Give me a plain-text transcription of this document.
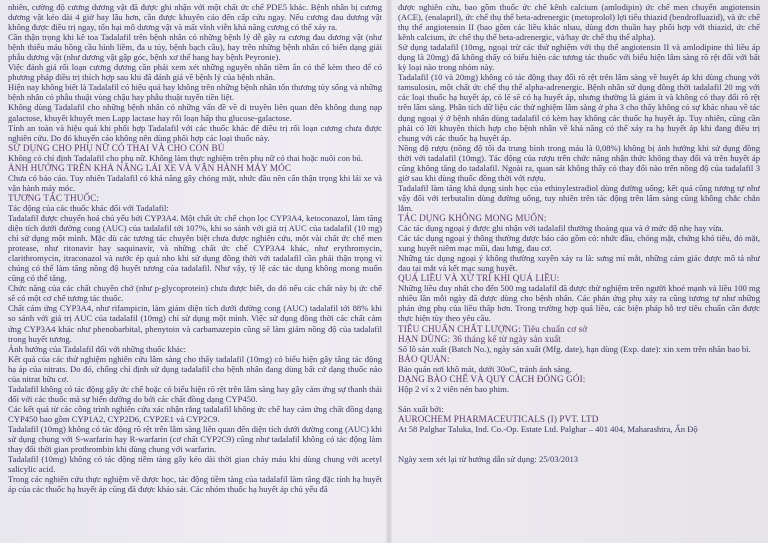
nhiên, cường độ cương dương vật đã được ghi nhận với một chất ức chế PDE5 khác. Bệnh nhân bị cương dương vật kéo dài 4 giờ hay lâu hơn, cần được khuyên cáo đến cấp cứu ngay. Nếu cương đau dương vật không được điều trị ngay, tổn hại mô dương vật và mất vĩnh viễn khả năng cương có thể xảy ra.

Cần thận trọng khi kê toa Tadalafil trên bệnh nhân có những bệnh lý dễ gây ra cương đau dương vật (như bệnh thiếu máu hồng cầu hình liềm, đa u tủy, bệnh bạch cầu), hay trên những bệnh nhân có biến dạng giải phẫu dương vật (như dương vật gập góc, bệnh xơ thể hang hay bệnh Peyronie).

Việc đánh giá rối loạn cương dương cần phải xem xét những nguyên nhân tiềm ẩn có thể kèm theo để có phương pháp điều trị thích hợp sau khi đã đánh giá về bệnh lý của bệnh nhân.

Hiện nay không biết là Tadalafil có hiệu quả hay không trên những bệnh nhân tổn thương tủy sống và những bệnh nhân có phẫu thuật vùng chậu hay phẫu thuật tuyến tiền liệt.

Không dùng Tadalafil cho những bệnh nhân có những vấn đề về di truyền liên quan đến không dung nạp galactose, khuyết khuyết men Lapp lactase hay rối loạn hấp thu glucose-galactose.

Tính an toàn và hiệu quả khi phối hợp Tadalafil với các thuốc khác để điều trị rối loạn cương chưa được nghiên cứu. Do đó khuyến cáo không nên dùng phối hợp các loại thuốc này.

SỬ DỤNG CHO PHỤ NỮ CÓ THAI VÀ CHO CON BÚ

Không có chỉ định Tadalafil cho phụ nữ. Không làm thực nghiệm trên phụ nữ có thai hoặc nuôi con bú.

ẢNH HƯỞNG TRÊN KHẢ NĂNG LÁI XE VÀ VẬN HÀNH MÁY MÓC

Chưa có báo cáo. Tuy nhiên Tadalafil có khả năng gây chóng mặt, nhức đầu nên cẩn thận trọng khi lái xe và vận hành máy móc.

TƯƠNG TÁC THUỐC:

Tác động của các thuốc khác đối với Tadalafil:

Tadalafil được chuyển hoá chủ yếu bởi CYP3A4. Một chất ức chế chọn lọc CYP3A4, ketoconazol, làm tăng diện tích dưới đường cong (AUC) của tadalafil tới 107%, khi so sánh với giá trị AUC của tadalafil (10 mg) chỉ sử dụng một mình. Mặc dù các tương tác chuyên biệt chưa được nghiên cứu, một vài chất ức chế men protease, như ritonavir hay saquinavir, và những chất ức chế CYP3A4 khác, như erythromycin, clarithromycin, itraconazol và nước ép quả nho khi sử dụng đồng thời với tadalafil cần phải thận trọng vì chúng có thể làm tăng nồng độ huyết tương của tadalafil. Như vậy, tỷ lệ các tác dụng không mong muốn cũng có thể tăng.

Chức năng của các chất chuyên chở (như p-glycoprotein) chưa được biết, do đó nếu các chất này bị ức chế sẽ có một cơ chế tương tác thuốc.

Chất cảm ứng CYP3A4, như rifampicin, làm giảm diện tích dưới đường cong (AUC) tadalafil tới 88% khi so sánh với giá trị AUC của tadalafil (10mg) chỉ sử dụng một mình. Việc sử dụng đồng thời các chất cảm ứng CYP3A4 khác như phenobarbital, phenytoin và carbamazepin cũng sẽ làm giảm nồng độ của tadalafil trong huyết tương.

Ảnh hưởng của Tadalafil đối với những thuốc khác:

Kết quả của các thử nghiệm nghiên cứu lâm sàng cho thấy tadalafil (10mg) có biểu hiện gây tăng tác động hạ áp của nitrats. Do đó, chống chỉ định sử dụng tadalafil cho bệnh nhân đang dùng bất cứ dạng thuốc nào của nitrat hữu cơ.

Tadalafil không có tác động gây ức chế hoặc có biểu hiện rõ rệt trên lâm sàng hay gây cảm ứng sự thanh thải đối với các thuốc mà sự biến dưỡng do bởi các chất đồng dạng CYP450.

Các kết quả từ các công trình nghiên cứu xác nhận rằng tadalafil không ức chế hay cảm ứng chất đồng dạng CYP450 bao gồm CYP1A2, CYP2D6, CYP2E1 và CYP2C9.

Tadalafil (10mg) không có tác động rõ rệt trên lâm sàng liên quan đến diện tích dưới đường cong (AUC) khi sử dụng chung với S-warfarin hay R-warfarin (cơ chất CYP2C9) cũng như tadalafil không có tác động làm thay đổi thời gian prothrombin khi dùng chung với warfarin.

Tadalafil (10mg) không có tác động tiềm tàng gây kéo dài thời gian chảy máu khi dùng chung với acetyl salicylic acid.

Trong các nghiên cứu thực nghiệm về dược học, tác động tiềm tàng của tadalafil làm tăng đặc tính hạ huyết áp của các thuốc hạ huyết áp cũng đã được khảo sát. Các nhóm thuốc hạ huyết áp chủ yếu đã

được nghiên cứu, bao gồm thuốc ức chế kênh calcium (amlodipin) ức chế men chuyển angiotensin (ACE), (enalapril), ức chế thụ thể beta-adrenergic (metoprolol) lợi tiểu thiazid (bendrofluazid), và ức chế thụ thể angiotensin II (bao gồm các liều khác nhau, dùng đơn thuần hay phối hợp với thiazid, ức chế kênh calcium, ức chế thụ thể beta-adrenergic, và/hay ức chế thụ thể alpha).

Sử dụng tadalafil (10mg, ngoại trừ các thử nghiệm với thụ thể angiotensin II và amlodipine thì liều áp dụng là 20mg) đã không thấy có biểu hiện các tương tác thuốc với biểu hiện lâm sàng rõ rệt đối với bất kỳ loại nào trong nhóm này.

Tadalafil (10 và 20mg) không có tác động thay đổi rõ rệt trên lâm sàng về huyết áp khi dùng chung với tamsulosin, một chất ức chế thụ thể alpha-adrenergic. Bệnh nhân sử dụng đồng thời tadalafil 20 mg với các loại thuốc hạ huyết áp, có lẽ sẽ có hạ huyết áp, nhưng thường là giảm ít và không có thay đổi rõ rệt trên lâm sàng. Phân tích dữ liệu các thử nghiệm lâm sàng ở pha 3 cho thấy không có sự khác nhau về tác dụng ngoại ý ở bệnh nhân dùng tadalafil có kèm hay không các thuốc hạ huyết áp. Tuy nhiên, cũng cần phải có lời khuyên thích hợp cho bệnh nhân về khả năng có thể xảy ra hạ huyết áp khi đang điều trị chung với các thuốc hạ huyết áp.

Nồng độ rượu (nồng độ tối đa trung bình trong máu là 0,08%) không bị ảnh hưởng khi sử dụng đồng thời với tadalafil (10mg). Tác động của rượu trên chức năng nhận thức không thay đổi và trên huyết áp cũng không tăng do tadalafil. Ngoài ra, quan sát không thấy có thay đổi nào trên nồng độ của tadalafil 3 giờ sau khi dùng thuốc đồng thời với rượu.

Tadalafil làm tăng khả dụng sinh học của ethinylestradiol dùng đường uống; kết quả cũng tương tự như vậy đối với terbutalin dùng đường uống, tuy nhiên trên tác động trên lâm sàng cũng không chắc chắn lắm.

TÁC DỤNG KHÔNG MONG MUỐN:

Các tác dụng ngoại ý được ghi nhận với tadalafil thường thoáng qua và ở mức độ nhẹ hay vừa.

Các tác dụng ngoại ý thông thường được báo cáo gồm có: nhức đầu, chóng mặt, chứng khó tiêu, đỏ mặt, xung huyết niêm mạc mũi, đau lưng, đau cơ.

Những tác dụng ngoại ý không thường xuyên xảy ra là: sưng mí mắt, những cảm giác được mô tả như đau tại mắt và kết mạc sung huyết.

QUÁ LIỀU VÀ XỬ TRÍ KHI QUÁ LIỀU:

Những liều duy nhất cho đến 500 mg tadalafil đã được thử nghiệm trên người khoẻ mạnh và liều 100 mg nhiều lần mỗi ngày đã được dùng cho bệnh nhân. Các phản ứng phụ xảy ra cũng tương tự như những phản ứng phụ của liều thấp hơn. Trong trường hợp quá liều, các biện pháp hỗ trợ tiêu chuẩn cần được thực hiện tùy theo yêu cầu.

TIÊU CHUẨN CHẤT LƯỢNG: Tiêu chuẩn cơ sở

HẠN DÙNG: 36 tháng kể từ ngày sản xuất

Số lô sản xuất (Batch No.), ngày sản xuất (Mfg. date), hạn dùng (Exp. date): xin xem trên nhãn bao bì.

BẢO QUẢN:

Bảo quản nơi khô mát, dưới 30oC, tránh ánh sáng.

DẠNG BÀO CHẾ VÀ QUY CÁCH ĐÓNG GÓI:

Hộp 2 vỉ x 2 viên nén bao phim.

Sản xuất bởi:

AUROCHEM PHARMACEUTICALS (I) PVT. LTD

At 58 Palghar Taluka, Ind. Co.-Op. Estate Ltd. Palghar – 401 404, Maharashtra, Ấn Độ

Ngày xem xét lại từ hướng dẫn sử dụng: 25/03/2013
